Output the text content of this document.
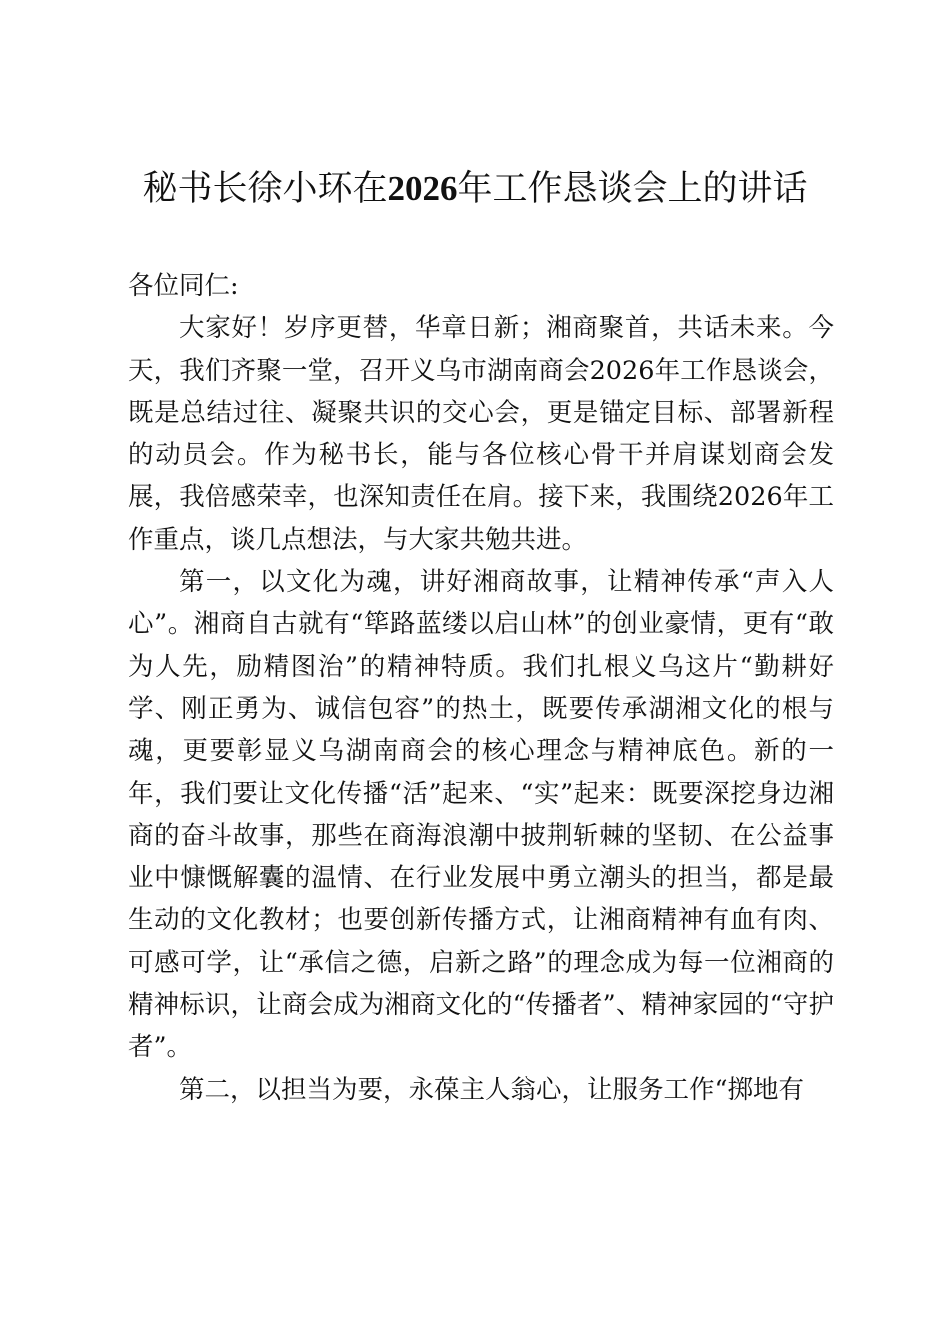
秘书长徐小环在2026年工作恳谈会上的讲话

各位同仁:

大家好！岁序更替，华章日新；湘商聚首，共话未来。今天，我们齐聚一堂，召开义乌市湖南商会2026年工作恳谈会，既是总结过往、凝聚共识的交心会，更是锚定目标、部署新程的动员会。作为秘书长，能与各位核心骨干并肩谋划商会发展，我倍感荣幸，也深知责任在肩。接下来，我围绕2026年工作重点，谈几点想法，与大家共勉共进。

第一，以文化为魂，讲好湘商故事，让精神传承“声入人心”。湘商自古就有“筚路蓝缕以启山林”的创业豪情，更有“敢为人先，励精图治”的精神特质。我们扎根义乌这片“勤耕好学、刚正勇为、诚信包容”的热土，既要传承湖湘文化的根与魂，更要彰显义乌湖南商会的核心理念与精神底色。新的一年，我们要让文化传播“活”起来、“实”起来：既要深挖身边湘商的奋斗故事，那些在商海浪潮中披荆斩棘的坚韧、在公益事业中慷慨解囊的温情、在行业发展中勇立潮头的担当，都是最生动的文化教材；也要创新传播方式，让湘商精神有血有肉、可感可学，让“承信之德，启新之路”的理念成为每一位湘商的精神标识，让商会成为湘商文化的“传播者”、精神家园的“守护者”。

第二，以担当为要，永葆主人翁心，让服务工作“掷地有
